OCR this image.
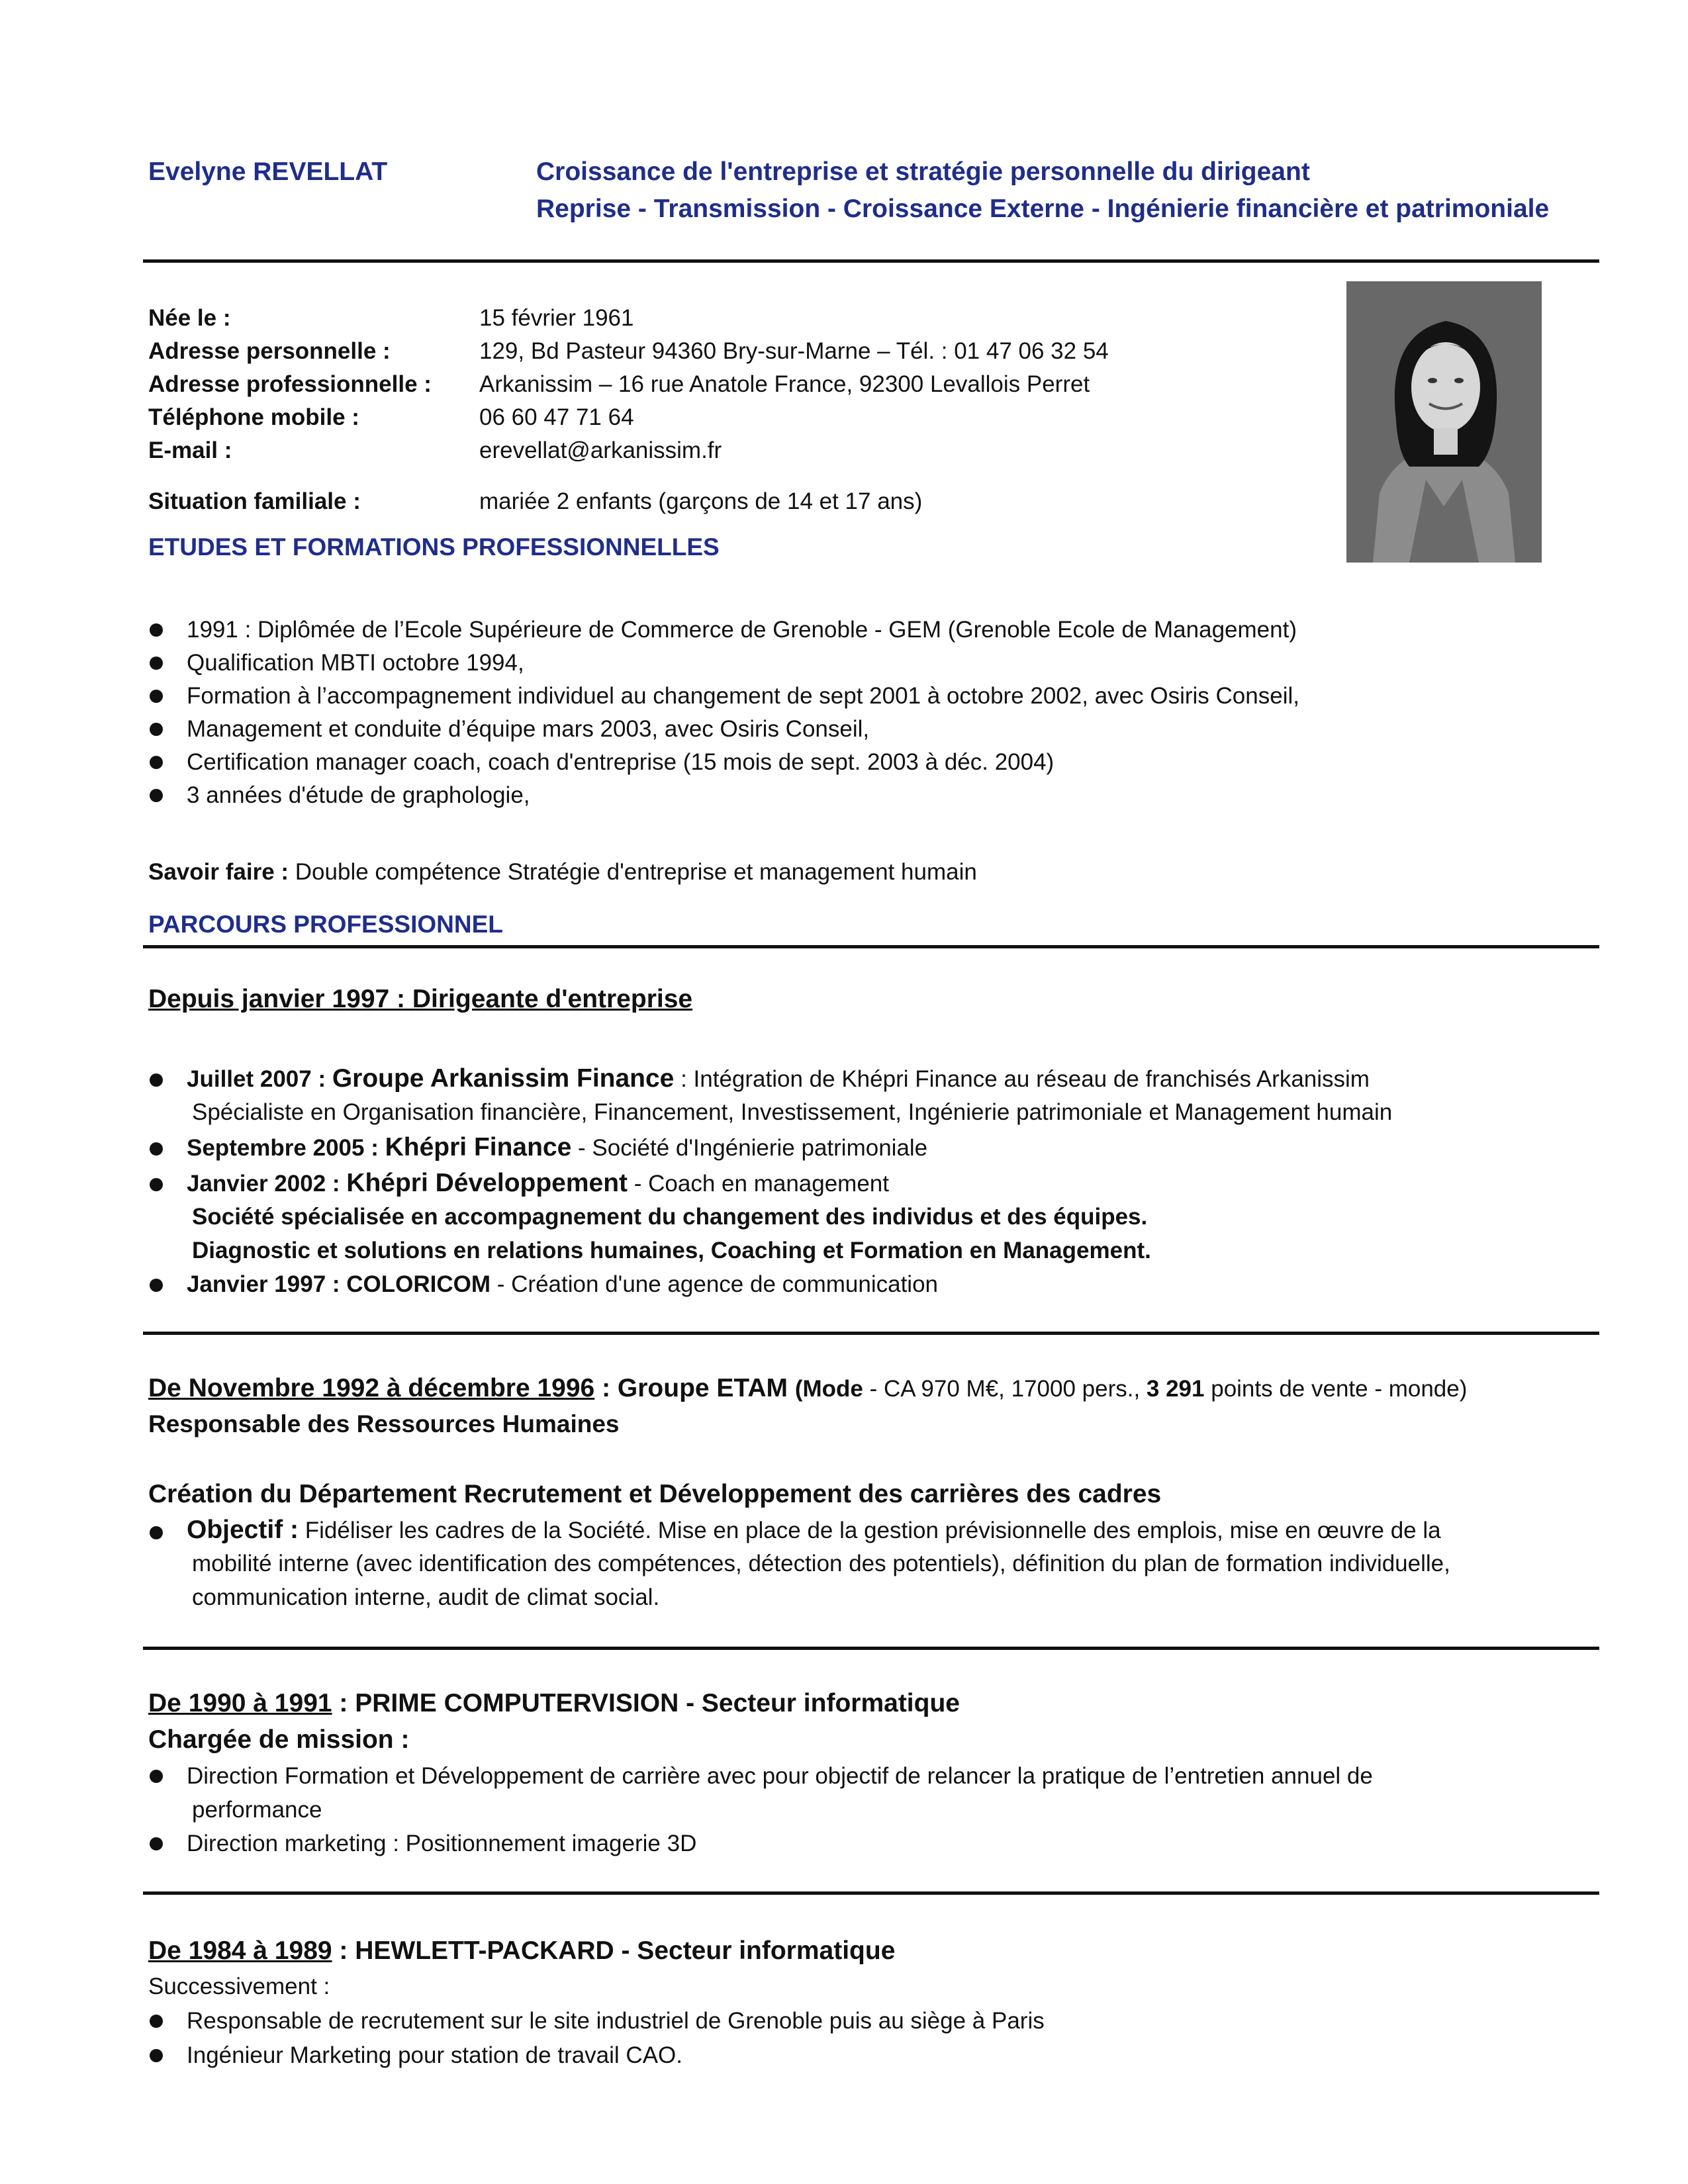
Evelyne REVELLAT	Croissance de l'entreprise et stratégie personnelle du dirigeant
Reprise - Transmission - Croissance Externe - Ingénierie financière et patrimoniale
Née le :	15 février 1961
Adresse personnelle :	129, Bd Pasteur 94360 Bry-sur-Marne – Tél. : 01 47 06 32 54
Adresse professionnelle : Arkanissim – 16 rue Anatole France, 92300 Levallois Perret
Téléphone mobile :	06 60 47 71 64
E-mail :	erevellat@arkanissim.fr
Situation familiale :	mariée 2 enfants (garçons de 14 et 17 ans)
ETUDES ET FORMATIONS PROFESSIONNELLES
1991 : Diplômée de l’Ecole Supérieure de Commerce de Grenoble - GEM (Grenoble Ecole de Management)
Qualification MBTI octobre 1994,
Formation à l’accompagnement individuel au changement de sept 2001 à octobre 2002, avec Osiris Conseil,
Management et conduite d’équipe mars 2003, avec Osiris Conseil,
Certification manager coach, coach d'entreprise (15 mois de sept. 2003 à déc. 2004)
3 années d'étude de graphologie,
Savoir faire : Double compétence Stratégie d'entreprise et management humain
PARCOURS PROFESSIONNEL
Depuis janvier 1997 : Dirigeante d'entreprise
Juillet 2007 : Groupe Arkanissim Finance : Intégration de Khépri Finance au réseau de franchisés Arkanissim
Spécialiste en Organisation financière, Financement, Investissement, Ingénierie patrimoniale et Management humain
Septembre 2005 : Khépri Finance - Société d'Ingénierie patrimoniale
Janvier 2002 : Khépri Développement - Coach en management
Société spécialisée en accompagnement du changement des individus et des équipes.
Diagnostic et solutions en relations humaines, Coaching et Formation en Management.
Janvier 1997 : COLORICOM - Création d'une agence de communication
De Novembre 1992 à décembre 1996 : Groupe ETAM (Mode - CA 970 M€, 17000 pers., 3 291 points de vente - monde)
Responsable des Ressources Humaines
Création du Département Recrutement et Développement des carrières des cadres
Objectif : Fidéliser les cadres de la Société. Mise en place de la gestion prévisionnelle des emplois, mise en œuvre de la
mobilité interne (avec identification des compétences, détection des potentiels), définition du plan de formation individuelle,
communication interne, audit de climat social.
De 1990 à 1991 : PRIME COMPUTERVISION - Secteur informatique
Chargée de mission :
Direction Formation et Développement de carrière avec pour objectif de relancer la pratique de l’entretien annuel de
performance
Direction marketing : Positionnement imagerie 3D
De 1984 à 1989 : HEWLETT-PACKARD - Secteur informatique
Successivement :
Responsable de recrutement sur le site industriel de Grenoble puis au siège à Paris
Ingénieur Marketing pour station de travail CAO.
